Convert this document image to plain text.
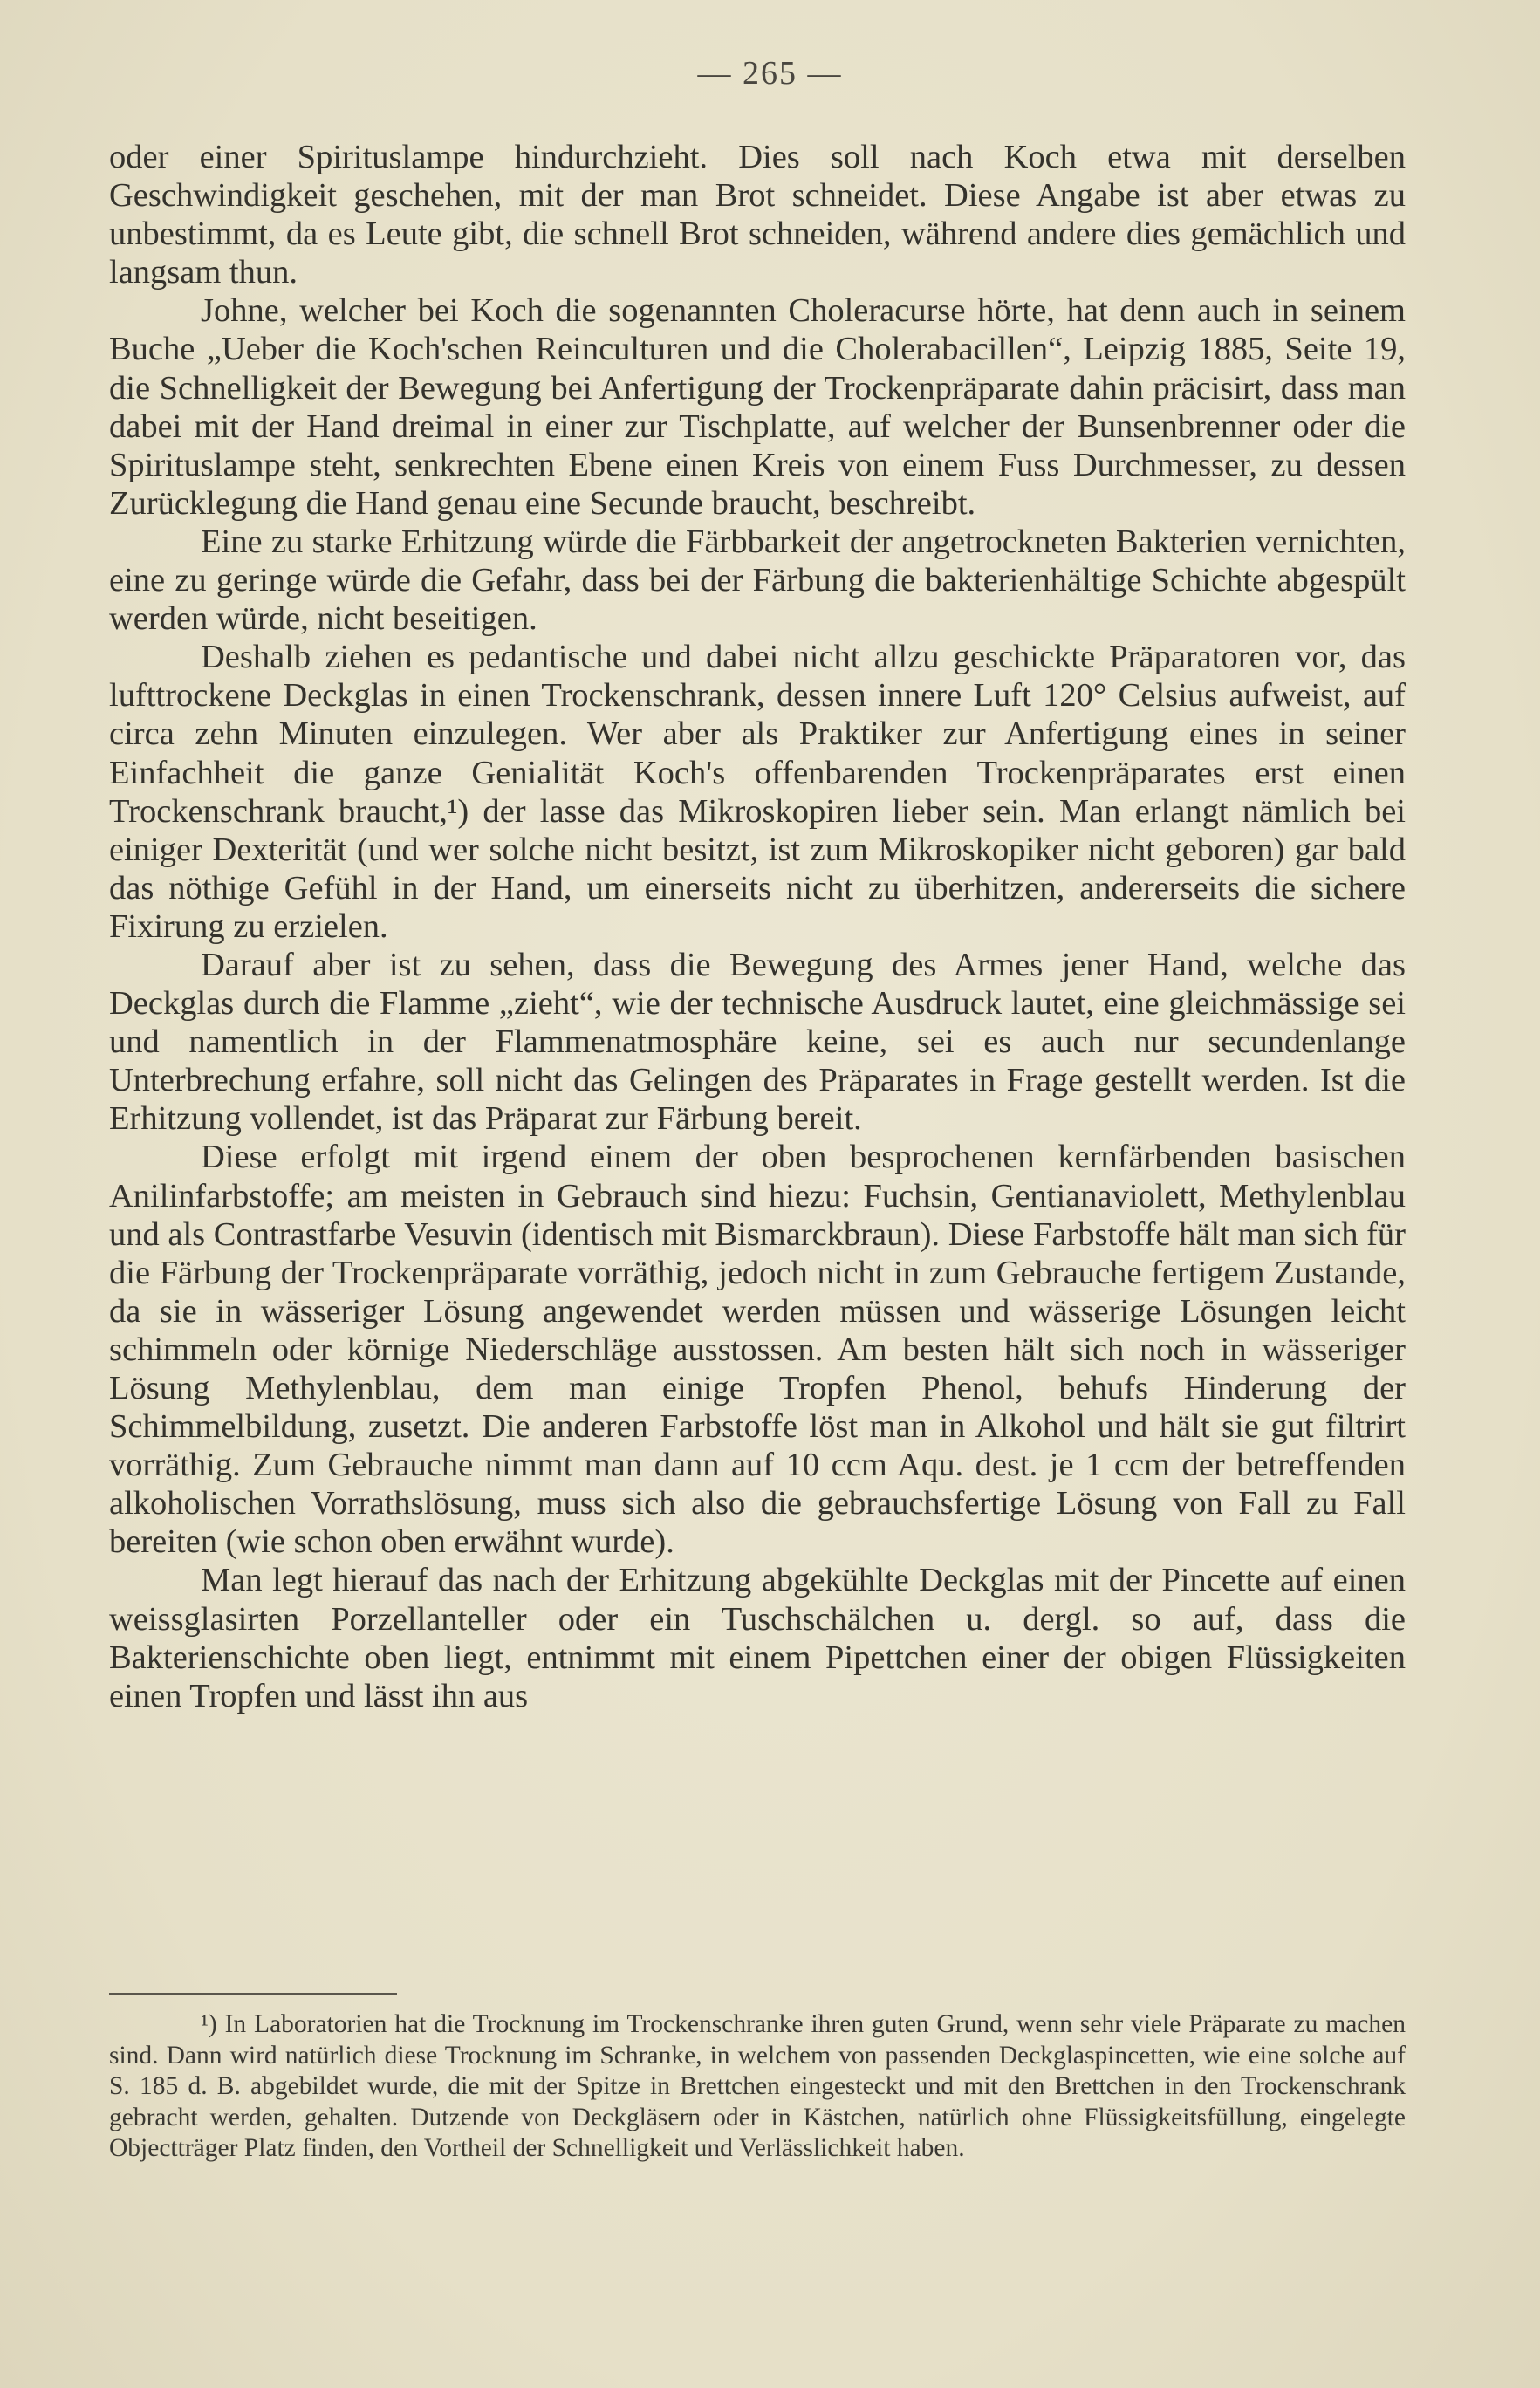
— 265 —

oder einer Spirituslampe hindurchzieht. Dies soll nach Koch etwa mit derselben Geschwindigkeit geschehen, mit der man Brot schneidet. Diese Angabe ist aber etwas zu unbestimmt, da es Leute gibt, die schnell Brot schneiden, während andere dies gemächlich und langsam thun.

Johne, welcher bei Koch die sogenannten Choleracurse hörte, hat denn auch in seinem Buche „Ueber die Koch'schen Reinculturen und die Cholerabacillen“, Leipzig 1885, Seite 19, die Schnelligkeit der Bewegung bei Anfertigung der Trockenpräparate dahin präcisirt, dass man dabei mit der Hand dreimal in einer zur Tischplatte, auf welcher der Bunsenbrenner oder die Spirituslampe steht, senkrechten Ebene einen Kreis von einem Fuss Durchmesser, zu dessen Zurücklegung die Hand genau eine Secunde braucht, beschreibt.

Eine zu starke Erhitzung würde die Färbbarkeit der angetrockneten Bakterien vernichten, eine zu geringe würde die Gefahr, dass bei der Färbung die bakterienhältige Schichte abgespült werden würde, nicht beseitigen.

Deshalb ziehen es pedantische und dabei nicht allzu geschickte Präparatoren vor, das lufttrockene Deckglas in einen Trockenschrank, dessen innere Luft 120° Celsius aufweist, auf circa zehn Minuten einzulegen. Wer aber als Praktiker zur Anfertigung eines in seiner Einfachheit die ganze Genialität Koch's offenbarenden Trockenpräparates erst einen Trockenschrank braucht,¹) der lasse das Mikroskopiren lieber sein. Man erlangt nämlich bei einiger Dexterität (und wer solche nicht besitzt, ist zum Mikroskopiker nicht geboren) gar bald das nöthige Gefühl in der Hand, um einerseits nicht zu überhitzen, andererseits die sichere Fixirung zu erzielen.

Darauf aber ist zu sehen, dass die Bewegung des Armes jener Hand, welche das Deckglas durch die Flamme „zieht“, wie der technische Ausdruck lautet, eine gleichmässige sei und namentlich in der Flammenatmosphäre keine, sei es auch nur secundenlange Unterbrechung erfahre, soll nicht das Gelingen des Präparates in Frage gestellt werden. Ist die Erhitzung vollendet, ist das Präparat zur Färbung bereit.

Diese erfolgt mit irgend einem der oben besprochenen kernfärbenden basischen Anilinfarbstoffe; am meisten in Gebrauch sind hiezu: Fuchsin, Gentianaviolett, Methylenblau und als Contrastfarbe Vesuvin (identisch mit Bismarckbraun). Diese Farbstoffe hält man sich für die Färbung der Trockenpräparate vorräthig, jedoch nicht in zum Gebrauche fertigem Zustande, da sie in wässeriger Lösung angewendet werden müssen und wässerige Lösungen leicht schimmeln oder körnige Niederschläge ausstossen. Am besten hält sich noch in wässeriger Lösung Methylenblau, dem man einige Tropfen Phenol, behufs Hinderung der Schimmelbildung, zusetzt. Die anderen Farbstoffe löst man in Alkohol und hält sie gut filtrirt vorräthig. Zum Gebrauche nimmt man dann auf 10 ccm Aqu. dest. je 1 ccm der betreffenden alkoholischen Vorrathslösung, muss sich also die gebrauchsfertige Lösung von Fall zu Fall bereiten (wie schon oben erwähnt wurde).

Man legt hierauf das nach der Erhitzung abgekühlte Deckglas mit der Pincette auf einen weissglasirten Porzellanteller oder ein Tuschschälchen u. dergl. so auf, dass die Bakterienschichte oben liegt, entnimmt mit einem Pipettchen einer der obigen Flüssigkeiten einen Tropfen und lässt ihn aus

¹) In Laboratorien hat die Trocknung im Trockenschranke ihren guten Grund, wenn sehr viele Präparate zu machen sind. Dann wird natürlich diese Trocknung im Schranke, in welchem von passenden Deckglaspincetten, wie eine solche auf S. 185 d. B. abgebildet wurde, die mit der Spitze in Brettchen eingesteckt und mit den Brettchen in den Trockenschrank gebracht werden, gehalten. Dutzende von Deckgläsern oder in Kästchen, natürlich ohne Flüssigkeitsfüllung, eingelegte Objectträger Platz finden, den Vortheil der Schnelligkeit und Verlässlichkeit haben.
